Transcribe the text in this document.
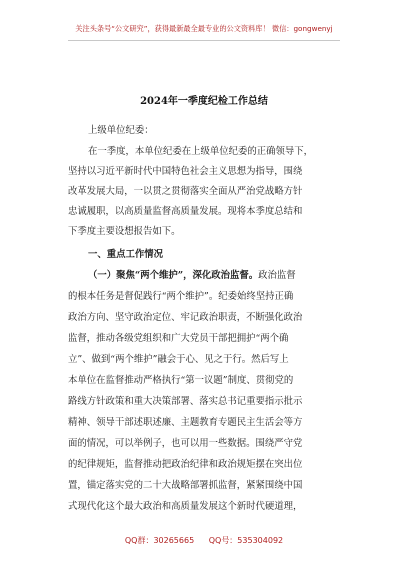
关注头条号“公文研究”，获得最新最全最专业的公文资料库！ 微信：gongwenyj
2024年一季度纪检工作总结
上级单位纪委：
在一季度，本单位纪委在上级单位纪委的正确领导下，
坚持以习近平新时代中国特色社会主义思想为指导，围绕
改革发展大局，一以贯之贯彻落实全面从严治党战略方针
忠诚履职，以高质量监督高质量发展。现将本季度总结和
下季度主要设想报告如下。
一、重点工作情况
（一）聚焦“两个维护”，深化政治监督。政治监督
的根本任务是督促践行“两个维护”。纪委始终坚持正确
政治方向、坚守政治定位、牢记政治职责，不断强化政治
监督，推动各级党组织和广大党员干部把拥护“两个确
立”、做到“两个维护”融会于心、见之于行。然后写上
本单位在监督推动严格执行“第一议题”制度、贯彻党的
路线方针政策和重大决策部署、落实总书记重要指示批示
精神、领导干部述职述廉、主题教育专题民主生活会等方
面的情况，可以举例子，也可以用一些数据。围绕严守党
的纪律规矩，监督推动把政治纪律和政治规矩摆在突出位
置，锚定落实党的二十大战略部署抓监督，紧紧围绕中国
式现代化这个最大政治和高质量发展这个新时代硬道理，
QQ群：30265665 QQ号：535304092
